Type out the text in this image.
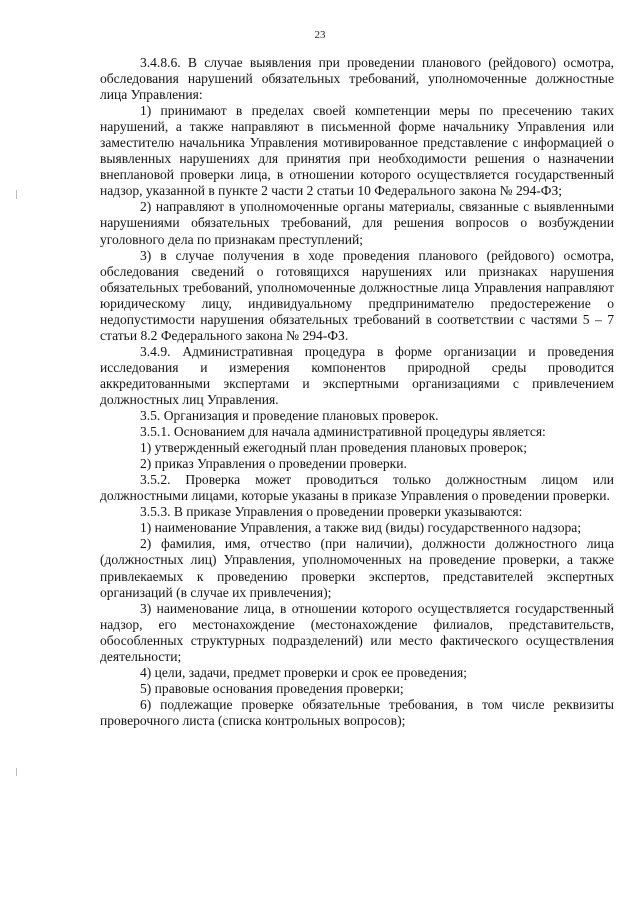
23

3.4.8.6. В случае выявления при проведении планового (рейдового) осмотра, обследования нарушений обязательных требований, уполномоченные должностные лица Управления:

1) принимают в пределах своей компетенции меры по пресечению таких нарушений, а также направляют в письменной форме начальнику Управления или заместителю начальника Управления мотивированное представление с информацией о выявленных нарушениях для принятия при необходимости решения о назначении внеплановой проверки лица, в отношении которого осуществляется государственный надзор, указанной в пункте 2 части 2 статьи 10 Федерального закона № 294-ФЗ;

2) направляют в уполномоченные органы материалы, связанные с выявленными нарушениями обязательных требований, для решения вопросов о возбуждении уголовного дела по признакам преступлений;

3) в случае получения в ходе проведения планового (рейдового) осмотра, обследования сведений о готовящихся нарушениях или признаках нарушения обязательных требований, уполномоченные должностные лица Управления направляют юридическому лицу, индивидуальному предпринимателю предостережение о недопустимости нарушения обязательных требований в соответствии с частями 5 – 7 статьи 8.2 Федерального закона № 294-ФЗ.

3.4.9. Административная процедура в форме организации и проведения исследования и измерения компонентов природной среды проводится аккредитованными экспертами и экспертными организациями с привлечением должностных лиц Управления.

3.5. Организация и проведение плановых проверок.

3.5.1. Основанием для начала административной процедуры является:

1) утвержденный ежегодный план проведения плановых проверок;

2) приказ Управления о проведении проверки.

3.5.2. Проверка может проводиться только должностным лицом или должностными лицами, которые указаны в приказе Управления о проведении проверки.

3.5.3. В приказе Управления о проведении проверки указываются:

1) наименование Управления, а также вид (виды) государственного надзора;

2) фамилия, имя, отчество (при наличии), должности должностного лица (должностных лиц) Управления, уполномоченных на проведение проверки, а также привлекаемых к проведению проверки экспертов, представителей экспертных организаций (в случае их привлечения);

3) наименование лица, в отношении которого осуществляется государственный надзор, его местонахождение (местонахождение филиалов, представительств, обособленных структурных подразделений) или место фактического осуществления деятельности;

4) цели, задачи, предмет проверки и срок ее проведения;

5) правовые основания проведения проверки;

6) подлежащие проверке обязательные требования, в том числе реквизиты проверочного листа (списка контрольных вопросов);
